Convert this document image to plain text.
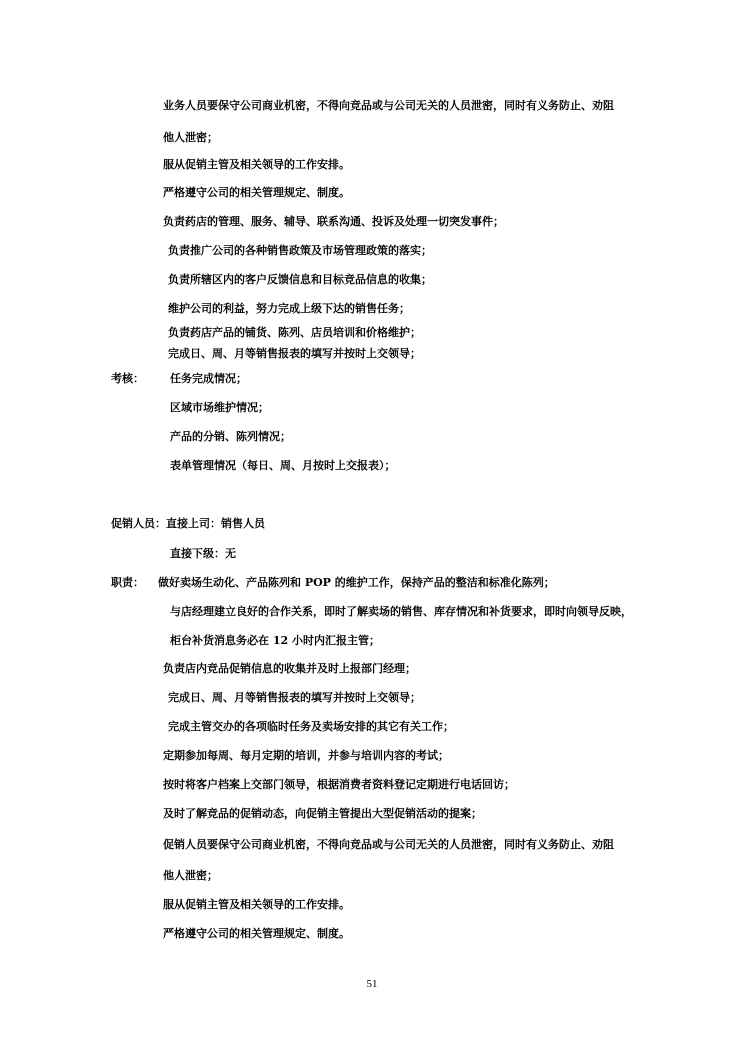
业务人员要保守公司商业机密，不得向竞品或与公司无关的人员泄密，同时有义务防止、劝阻
他人泄密；
服从促销主管及相关领导的工作安排。
严格遵守公司的相关管理规定、制度。
负责药店的管理、服务、辅导、联系沟通、投诉及处理一切突发事件；
负责推广公司的各种销售政策及市场管理政策的落实；
负责所辖区内的客户反馈信息和目标竞品信息的收集；
维护公司的利益，努力完成上级下达的销售任务；
负责药店产品的铺货、陈列、店员培训和价格维护；
完成日、周、月等销售报表的填写并按时上交领导；
考核： 任务完成情况；
区域市场维护情况；
产品的分销、陈列情况；
表单管理情况（每日、周、月按时上交报表）；
促销人员：直接上司：销售人员
直接下级：无
职责： 做好卖场生动化、产品陈列和 POP 的维护工作，保持产品的整洁和标准化陈列；
与店经理建立良好的合作关系，即时了解卖场的销售、库存情况和补货要求，即时向领导反映，
柜台补货消息务必在 12 小时内汇报主管；
负责店内竞品促销信息的收集并及时上报部门经理；
完成日、周、月等销售报表的填写并按时上交领导；
完成主管交办的各项临时任务及卖场安排的其它有关工作；
定期参加每周、每月定期的培训，并参与培训内容的考试；
按时将客户档案上交部门领导，根据消费者资料登记定期进行电话回访；
及时了解竞品的促销动态，向促销主管提出大型促销活动的提案；
促销人员要保守公司商业机密，不得向竞品或与公司无关的人员泄密，同时有义务防止、劝阻
他人泄密；
服从促销主管及相关领导的工作安排。
严格遵守公司的相关管理规定、制度。
51
